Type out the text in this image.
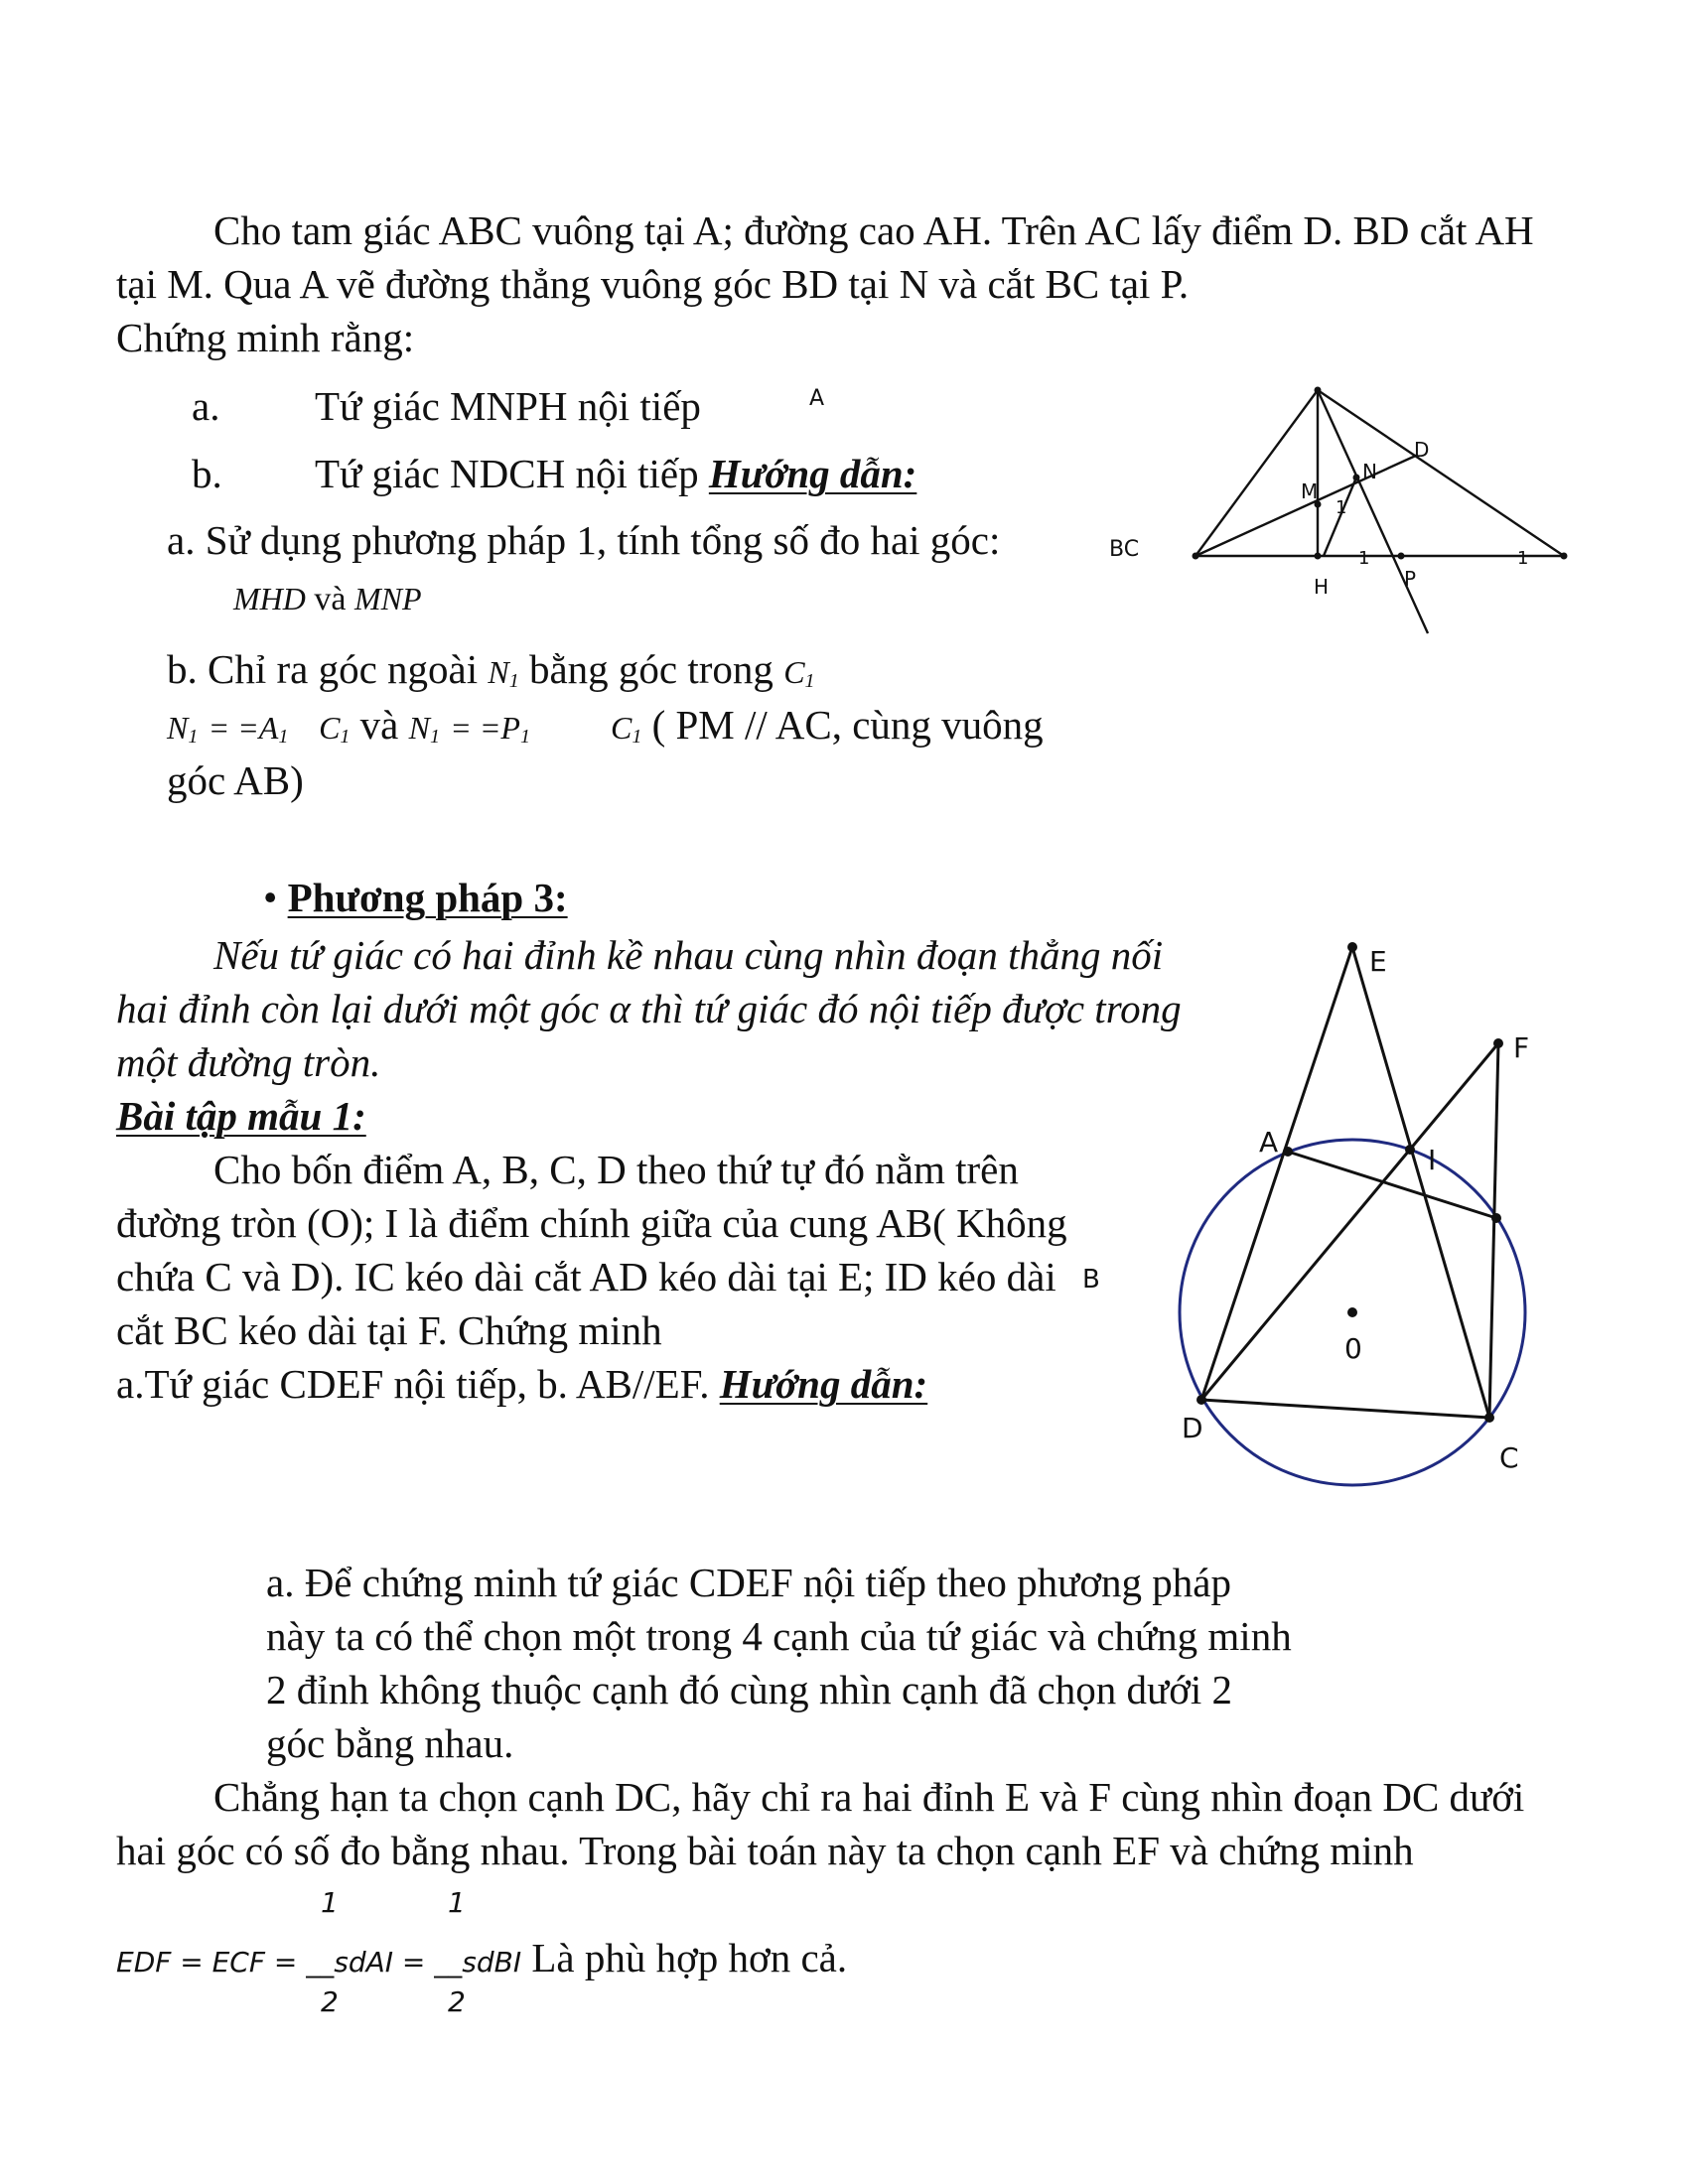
Cho tam giác ABC vuông tại A; đường cao AH. Trên AC lấy điểm D. BD cắt AH
tại M. Qua A vẽ đường thẳng vuông góc BD tại N và cắt BC tại P.
Chứng minh rằng:
a. Tứ giác MNPH nội tiếp
b. Tứ giác NDCH nội tiếp Hướng dẫn:
a. Sử dụng phương pháp 1, tính tổng số đo hai góc:
MHD và MNP
b. Chỉ ra góc ngoài N1 bằng góc trong C1
N1 = =A1 C1 và N1 = =P1	C1 ( PM // AC, cùng vuông
góc AB)
A
BC
D
N
M
H	P
1
1	1
• Phương pháp 3:
Nếu tứ giác có hai đỉnh kề nhau cùng nhìn đoạn thẳng nối
hai đỉnh còn lại dưới một góc α thì tứ giác đó nội tiếp được trong
một đường tròn.
Bài tập mẫu 1:
Cho bốn điểm A, B, C, D theo thứ tự đó nằm trên
đường tròn (O); I là điểm chính giữa của cung AB( Không
chứa C và D). IC kéo dài cắt AD kéo dài tại E; ID kéo dài B
cắt BC kéo dài tại F. Chứng minh
a.Tứ giác CDEF nội tiếp, b. AB//EF. Hướng dẫn:
E
F
A
I
0
D
C
a. Để chứng minh tứ giác CDEF nội tiếp theo phương pháp
này ta có thể chọn một trong 4 cạnh của tứ giác và chứng minh
2 đỉnh không thuộc cạnh đó cùng nhìn cạnh đã chọn dưới 2
góc bằng nhau.
Chẳng hạn ta chọn cạnh DC, hãy chỉ ra hai đỉnh E và F cùng nhìn đoạn DC dưới
hai góc có số đo bằng nhau. Trong bài toán này ta chọn cạnh EF và chứng minh
1	1
EDF = ECF = __sdAI = __sdBI Là phù hợp hơn cả.
2	2
